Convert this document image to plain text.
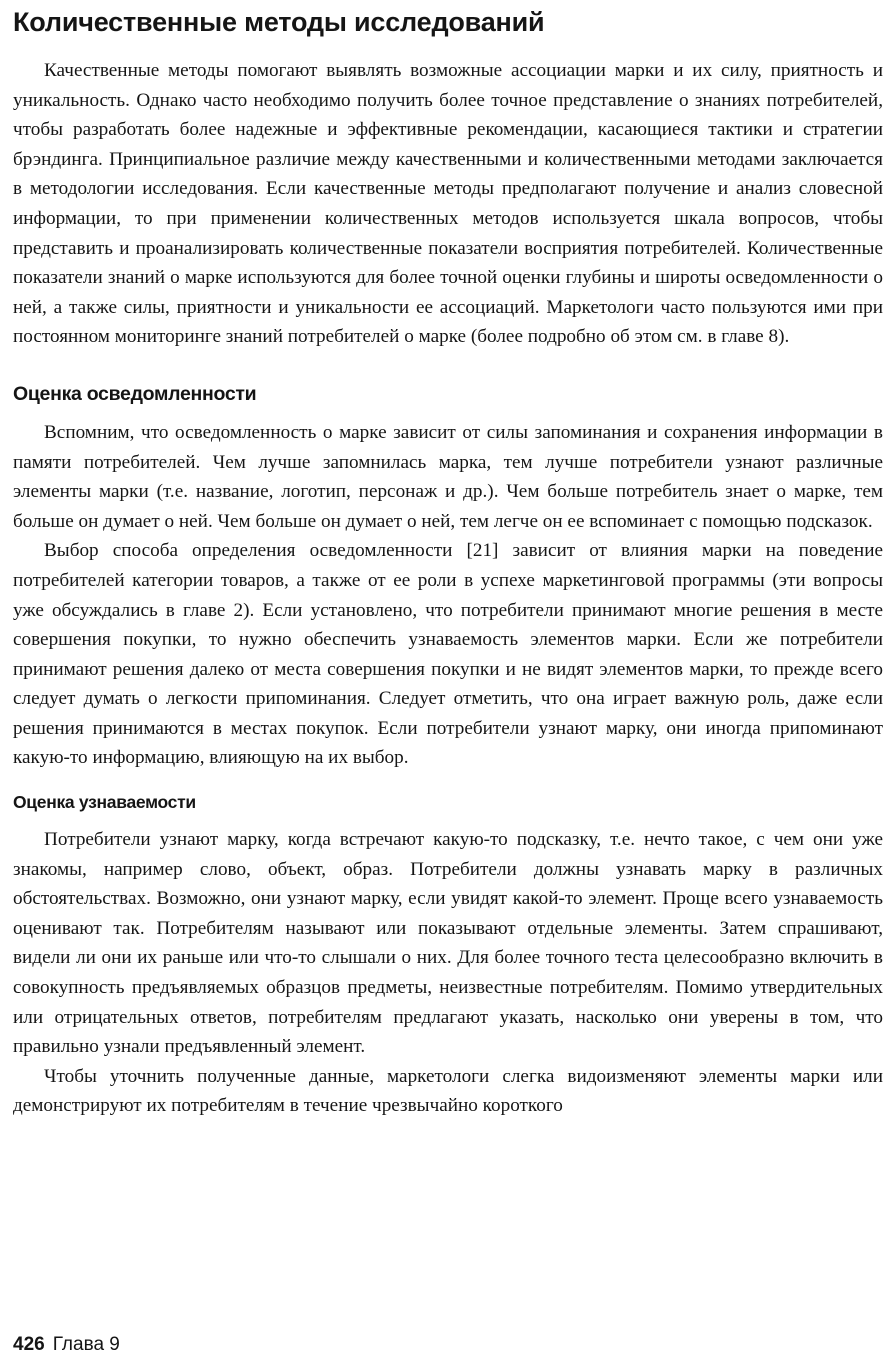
Количественные методы исследований

Качественные методы помогают выявлять возможные ассоциации марки и их силу, приятность и уникальность. Однако часто необходимо получить более точное представление о знаниях потребителей, чтобы разработать более надежные и эффективные рекомендации, касающиеся тактики и стратегии брэндинга. Принципиальное различие между качественными и количественными методами заключается в методологии исследования. Если качественные методы предполагают получение и анализ словесной информации, то при применении количественных методов используется шкала вопросов, чтобы представить и проанализировать количественные показатели восприятия потребителей. Количественные показатели знаний о марке используются для более точной оценки глубины и широты осведомленности о ней, а также силы, приятности и уникальности ее ассоциаций. Маркетологи часто пользуются ими при постоянном мониторинге знаний потребителей о марке (более подробно об этом см. в главе 8).

Оценка осведомленности

Вспомним, что осведомленность о марке зависит от силы запоминания и сохранения информации в памяти потребителей. Чем лучше запомнилась марка, тем лучше потребители узнают различные элементы марки (т.е. название, логотип, персонаж и др.). Чем больше потребитель знает о марке, тем больше он думает о ней. Чем больше он думает о ней, тем легче он ее вспоминает с помощью подсказок.

Выбор способа определения осведомленности [21] зависит от влияния марки на поведение потребителей категории товаров, а также от ее роли в успехе маркетинговой программы (эти вопросы уже обсуждались в главе 2). Если установлено, что потребители принимают многие решения в месте совершения покупки, то нужно обеспечить узнаваемость элементов марки. Если же потребители принимают решения далеко от места совершения покупки и не видят элементов марки, то прежде всего следует думать о легкости припоминания. Следует отметить, что она играет важную роль, даже если решения принимаются в местах покупок. Если потребители узнают марку, они иногда припоминают какую-то информацию, влияющую на их выбор.

Оценка узнаваемости

Потребители узнают марку, когда встречают какую-то подсказку, т.е. нечто такое, с чем они уже знакомы, например слово, объект, образ. Потребители должны узнавать марку в различных обстоятельствах. Возможно, они узнают марку, если увидят какой-то элемент. Проще всего узнаваемость оценивают так. Потребителям называют или показывают отдельные элементы. Затем спрашивают, видели ли они их раньше или что-то слышали о них. Для более точного теста целесообразно включить в совокупность предъявляемых образцов предметы, неизвестные потребителям. Помимо утвердительных или отрицательных ответов, потребителям предлагают указать, насколько они уверены в том, что правильно узнали предъявленный элемент.

Чтобы уточнить полученные данные, маркетологи слегка видоизменяют элементы марки или демонстрируют их потребителям в течение чрезвычайно короткого

426 Глава 9
